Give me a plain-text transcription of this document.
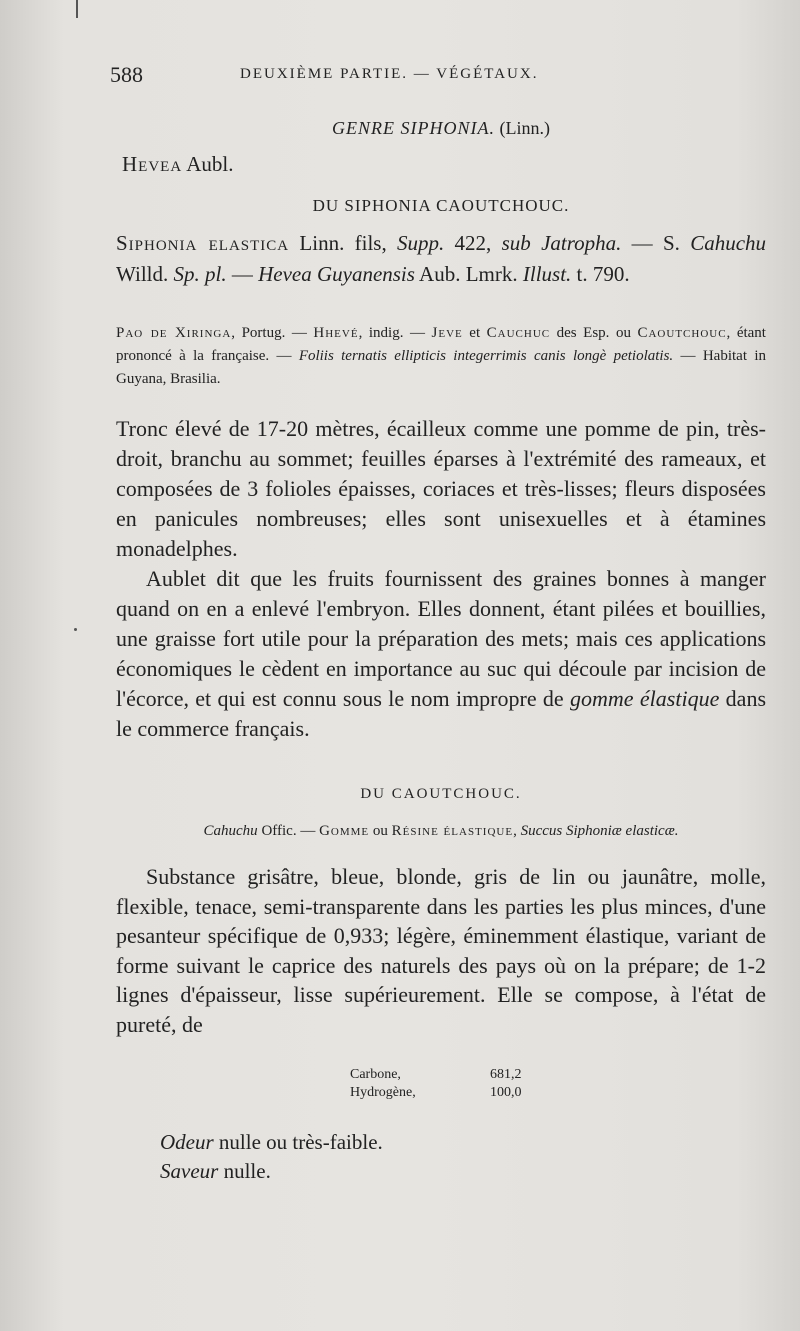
588	DEUXIÈME PARTIE. — VÉGÉTAUX.
GENRE SIPHONIA. (Linn.)
Hevea Aubl.
DU SIPHONIA CAOUTCHOUC.
Siphonia elastica Linn. fils, Supp. 422, sub Jatropha. — S. Cahuchu Willd. Sp. pl. — Hevea Guyanensis Aub. Lmrk. Illust. t. 790.
Pao de Xiringa, Portug. — Hhevé, indig. — Jeve et Cauchuc des Esp. ou Caoutchouc, étant prononcé à la française. — Foliis ternatis ellipticis integerrimis canis longè petiolatis. — Habitat in Guyana, Brasilia.

Tronc élevé de 17-20 mètres, écailleux comme une pomme de pin, très-droit, branchu au sommet; feuilles éparses à l'extrémité des rameaux, et composées de 3 folioles épaisses, coriaces et très-lisses; fleurs disposées en panicules nombreuses; elles sont unisexuelles et à étamines monadelphes.

Aublet dit que les fruits fournissent des graines bonnes à manger quand on en a enlevé l'embryon. Elles donnent, étant pilées et bouillies, une graisse fort utile pour la préparation des mets; mais ces applications économiques le cèdent en importance au suc qui découle par incision de l'écorce, et qui est connu sous le nom impropre de gomme élastique dans le commerce français.

DU CAOUTCHOUC.
Cahuchu Offic. — Gomme ou Résine élastique, Succus Siphoniæ elasticæ.

Substance grisâtre, bleue, blonde, gris de lin ou jaunâtre, molle, flexible, tenace, semi-transparente dans les parties les plus minces, d'une pesanteur spécifique de 0,933; légère, éminemment élastique, variant de forme suivant le caprice des naturels des pays où on la prépare; de 1-2 lignes d'épaisseur, lisse supérieurement. Elle se compose, à l'état de pureté, de

Carbone,	681,2
Hydrogène,	100,0

Odeur nulle ou très-faible.

Saveur nulle.
